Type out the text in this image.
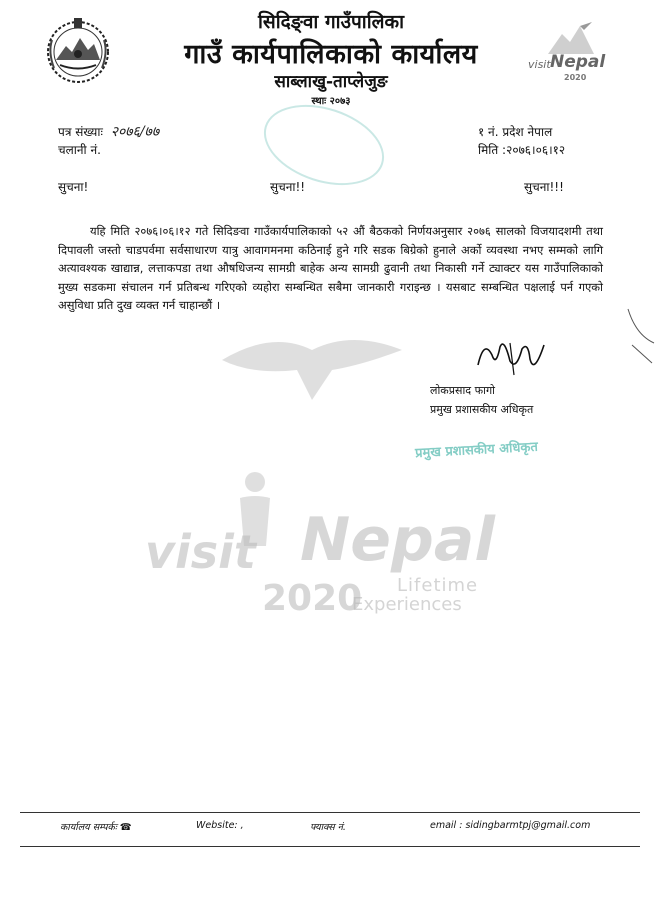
सिदिङ्वा गाउँपालिका
गाउँ कार्यपालिकाको कार्यालय
साब्लाखु-ताप्लेजुङ
स्थाः २०७३
visit Nepal
2020
पत्र संख्याः २०७६/७७
चलानी नं.
१ नं. प्रदेश नेपाल
मिति :२०७६।०६।१२
सुचना!	सुचना!!	सुचना!!!
यहि मिति २०७६।०६।१२ गते सिदिङवा गाउँकार्यपालिकाको ५२ औं बैठकको निर्णयअनुसार २०७६ सालको विजयादशमी तथा दिपावली जस्तो चाडपर्वमा सर्वसाधारण यात्रु आवागमनमा कठिनाई हुने गरि सडक बिग्रेको हुनाले अर्को व्यवस्था नभए सम्मको लागि अत्यावश्यक खाद्यान्न, लत्ताकपडा तथा औषधिजन्य सामग्री बाहेक अन्य सामग्री ढुवानी तथा निकासी गर्ने ट्याक्टर यस गाउँपालिकाको मुख्य सडकमा संचालन गर्न प्रतिबन्ध गरिएको व्यहोरा सम्बन्धित सबैमा जानकारी गराइन्छ । यसबाट सम्बन्धित पक्षलाई पर्न गएको असुविधा प्रति दुख व्यक्त गर्न चाहान्छौं ।
visit Nepal
2020 Lifetime
Experiences
लोकप्रसाद फागो
प्रमुख प्रशासकीय अधिकृत
प्रमुख प्रशासकीय अधिकृत
कार्यालय सम्पर्कः ☎	Website: ,	फ्याक्स नं.	email : sidingbarmtpj@gmail.com
